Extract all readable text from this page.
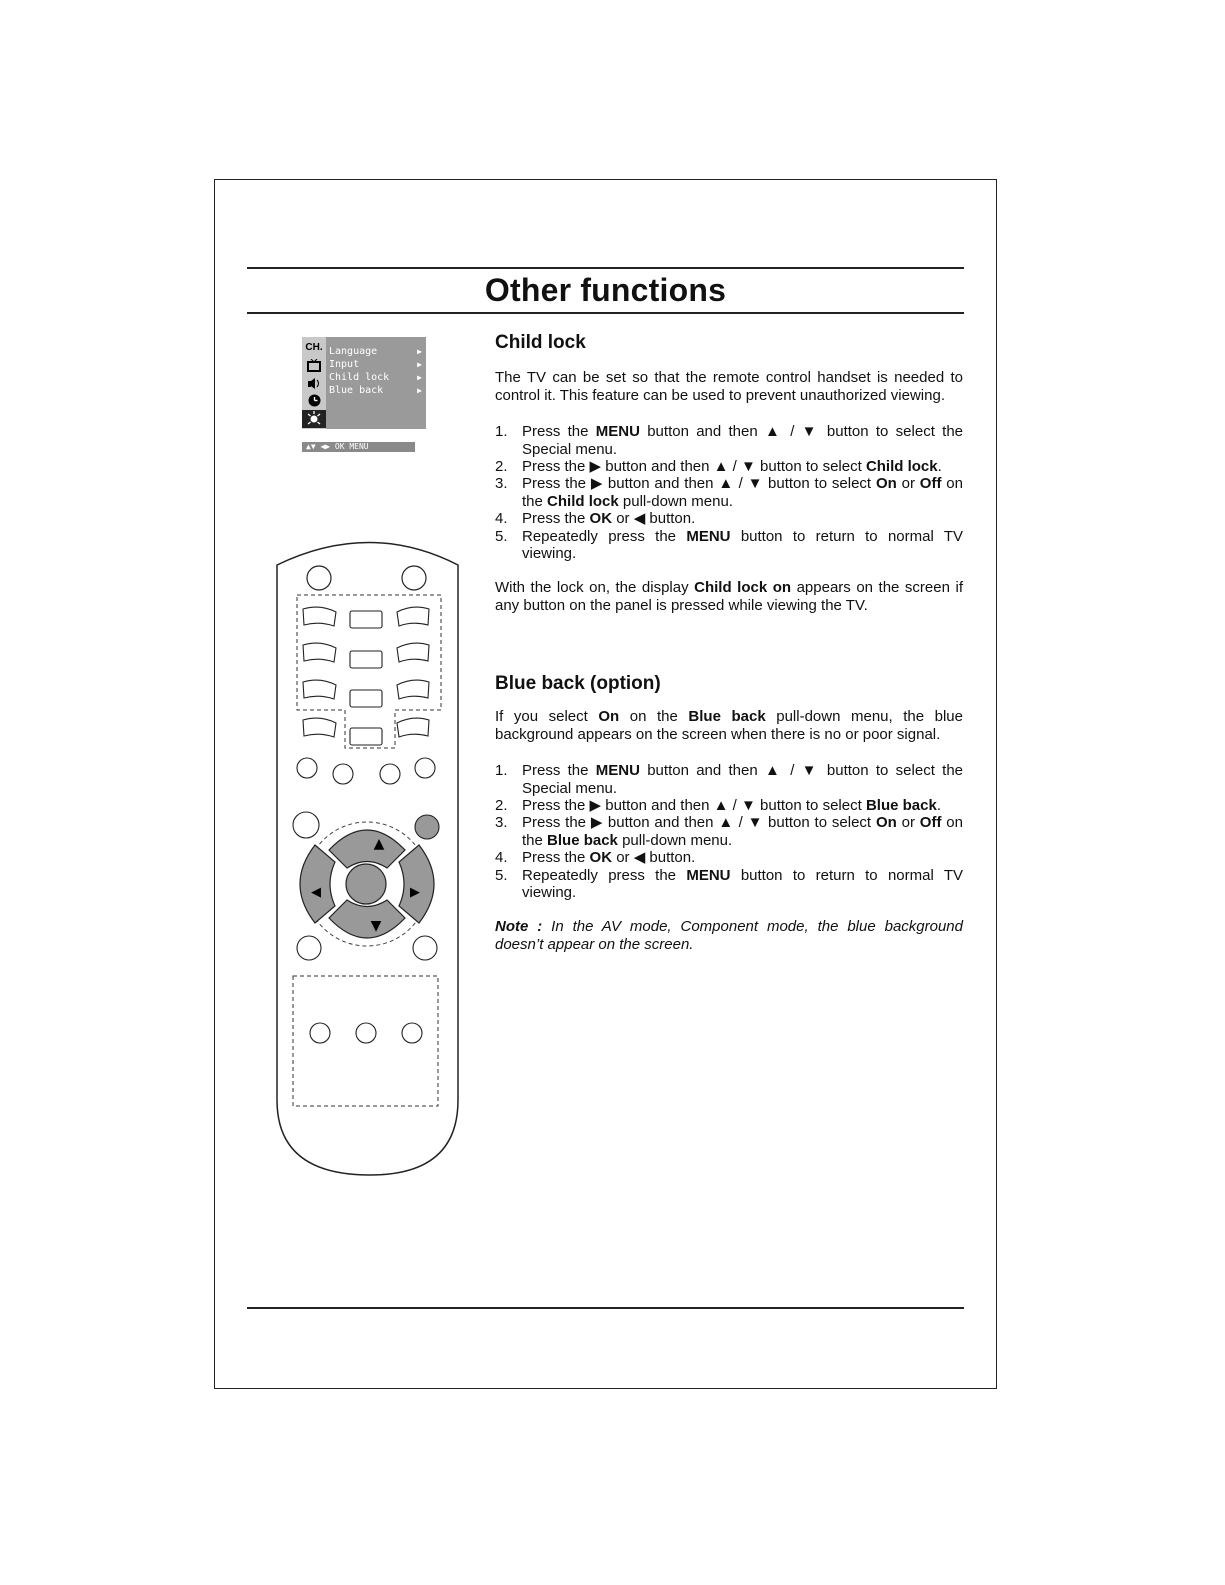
Other functions
CH. Language	▶
Input	▶
Child lock	▶
Blue back	▶
▲▼ ◀▶ OK MENU
▲
▼
◀	▶
Child lock
The TV can be set so that the remote control handset is needed to control it. This feature can be used to prevent unauthorized viewing.
1. Press the MENU button and then ▲ / ▼ button to select the Special menu.
2. Press the ▶ button and then ▲ / ▼ button to select Child lock.
3. Press the ▶ button and then ▲ / ▼ button to select On or Off on the Child lock pull-down menu.
4. Press the OK or ◀ button.
5. Repeatedly press the MENU button to return to normal TV viewing.
With the lock on, the display Child lock on appears on the screen if any button on the panel is pressed while viewing the TV.
Blue back (option)
If you select On on the Blue back pull-down menu, the blue background appears on the screen when there is no or poor signal.
1. Press the MENU button and then ▲ / ▼ button to select the Special menu.
2. Press the ▶ button and then ▲ / ▼ button to select Blue back.
3. Press the ▶ button and then ▲ / ▼ button to select On or Off on the Blue back pull-down menu.
4. Press the OK or ◀ button.
5. Repeatedly press the MENU button to return to normal TV viewing.
Note : In the AV mode, Component mode, the blue background doesn’t appear on the screen.
